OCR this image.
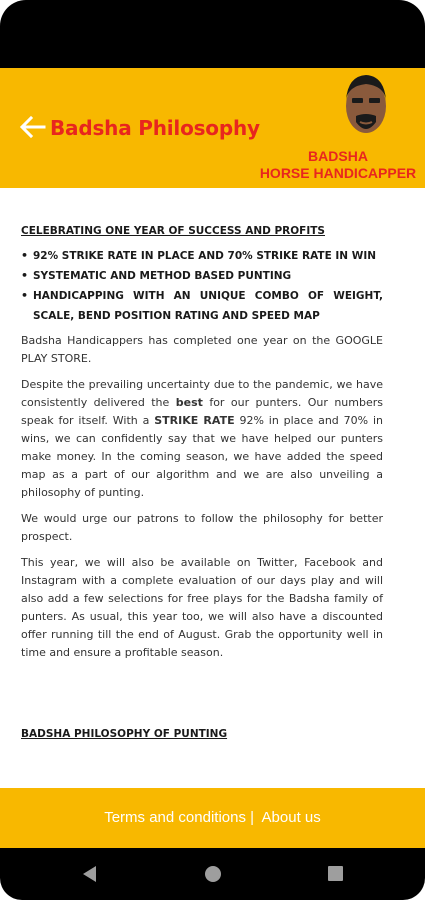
Badsha Philosophy
BADSHA
HORSE HANDICAPPER
CELEBRATING ONE YEAR OF SUCCESS AND PROFITS
• 92% STRIKE RATE IN PLACE AND 70% STRIKE RATE IN WIN
• SYSTEMATIC AND METHOD BASED PUNTING
• HANDICAPPING WITH AN UNIQUE COMBO OF WEIGHT, SCALE, BEND POSITION RATING AND SPEED MAP

Badsha Handicappers has completed one year on the GOOGLE PLAY STORE.

Despite the prevailing uncertainty due to the pandemic, we have consistently delivered the best for our punters. Our numbers speak for itself. With a STRIKE RATE 92% in place and 70% in wins, we can confidently say that we have helped our punters make money. In the coming season, we have added the speed map as a part of our algorithm and we are also unveiling a philosophy of punting.

We would urge our patrons to follow the philosophy for better prospect.

This year, we will also be available on Twitter, Facebook and Instagram with a complete evaluation of our days play and will also add a few selections for free plays for the Badsha family of punters. As usual, this year too, we will also have a discounted offer running till the end of August. Grab the opportunity well in time and ensure a profitable season.

BADSHA PHILOSOPHY OF PUNTING
Terms and conditions |  About us
